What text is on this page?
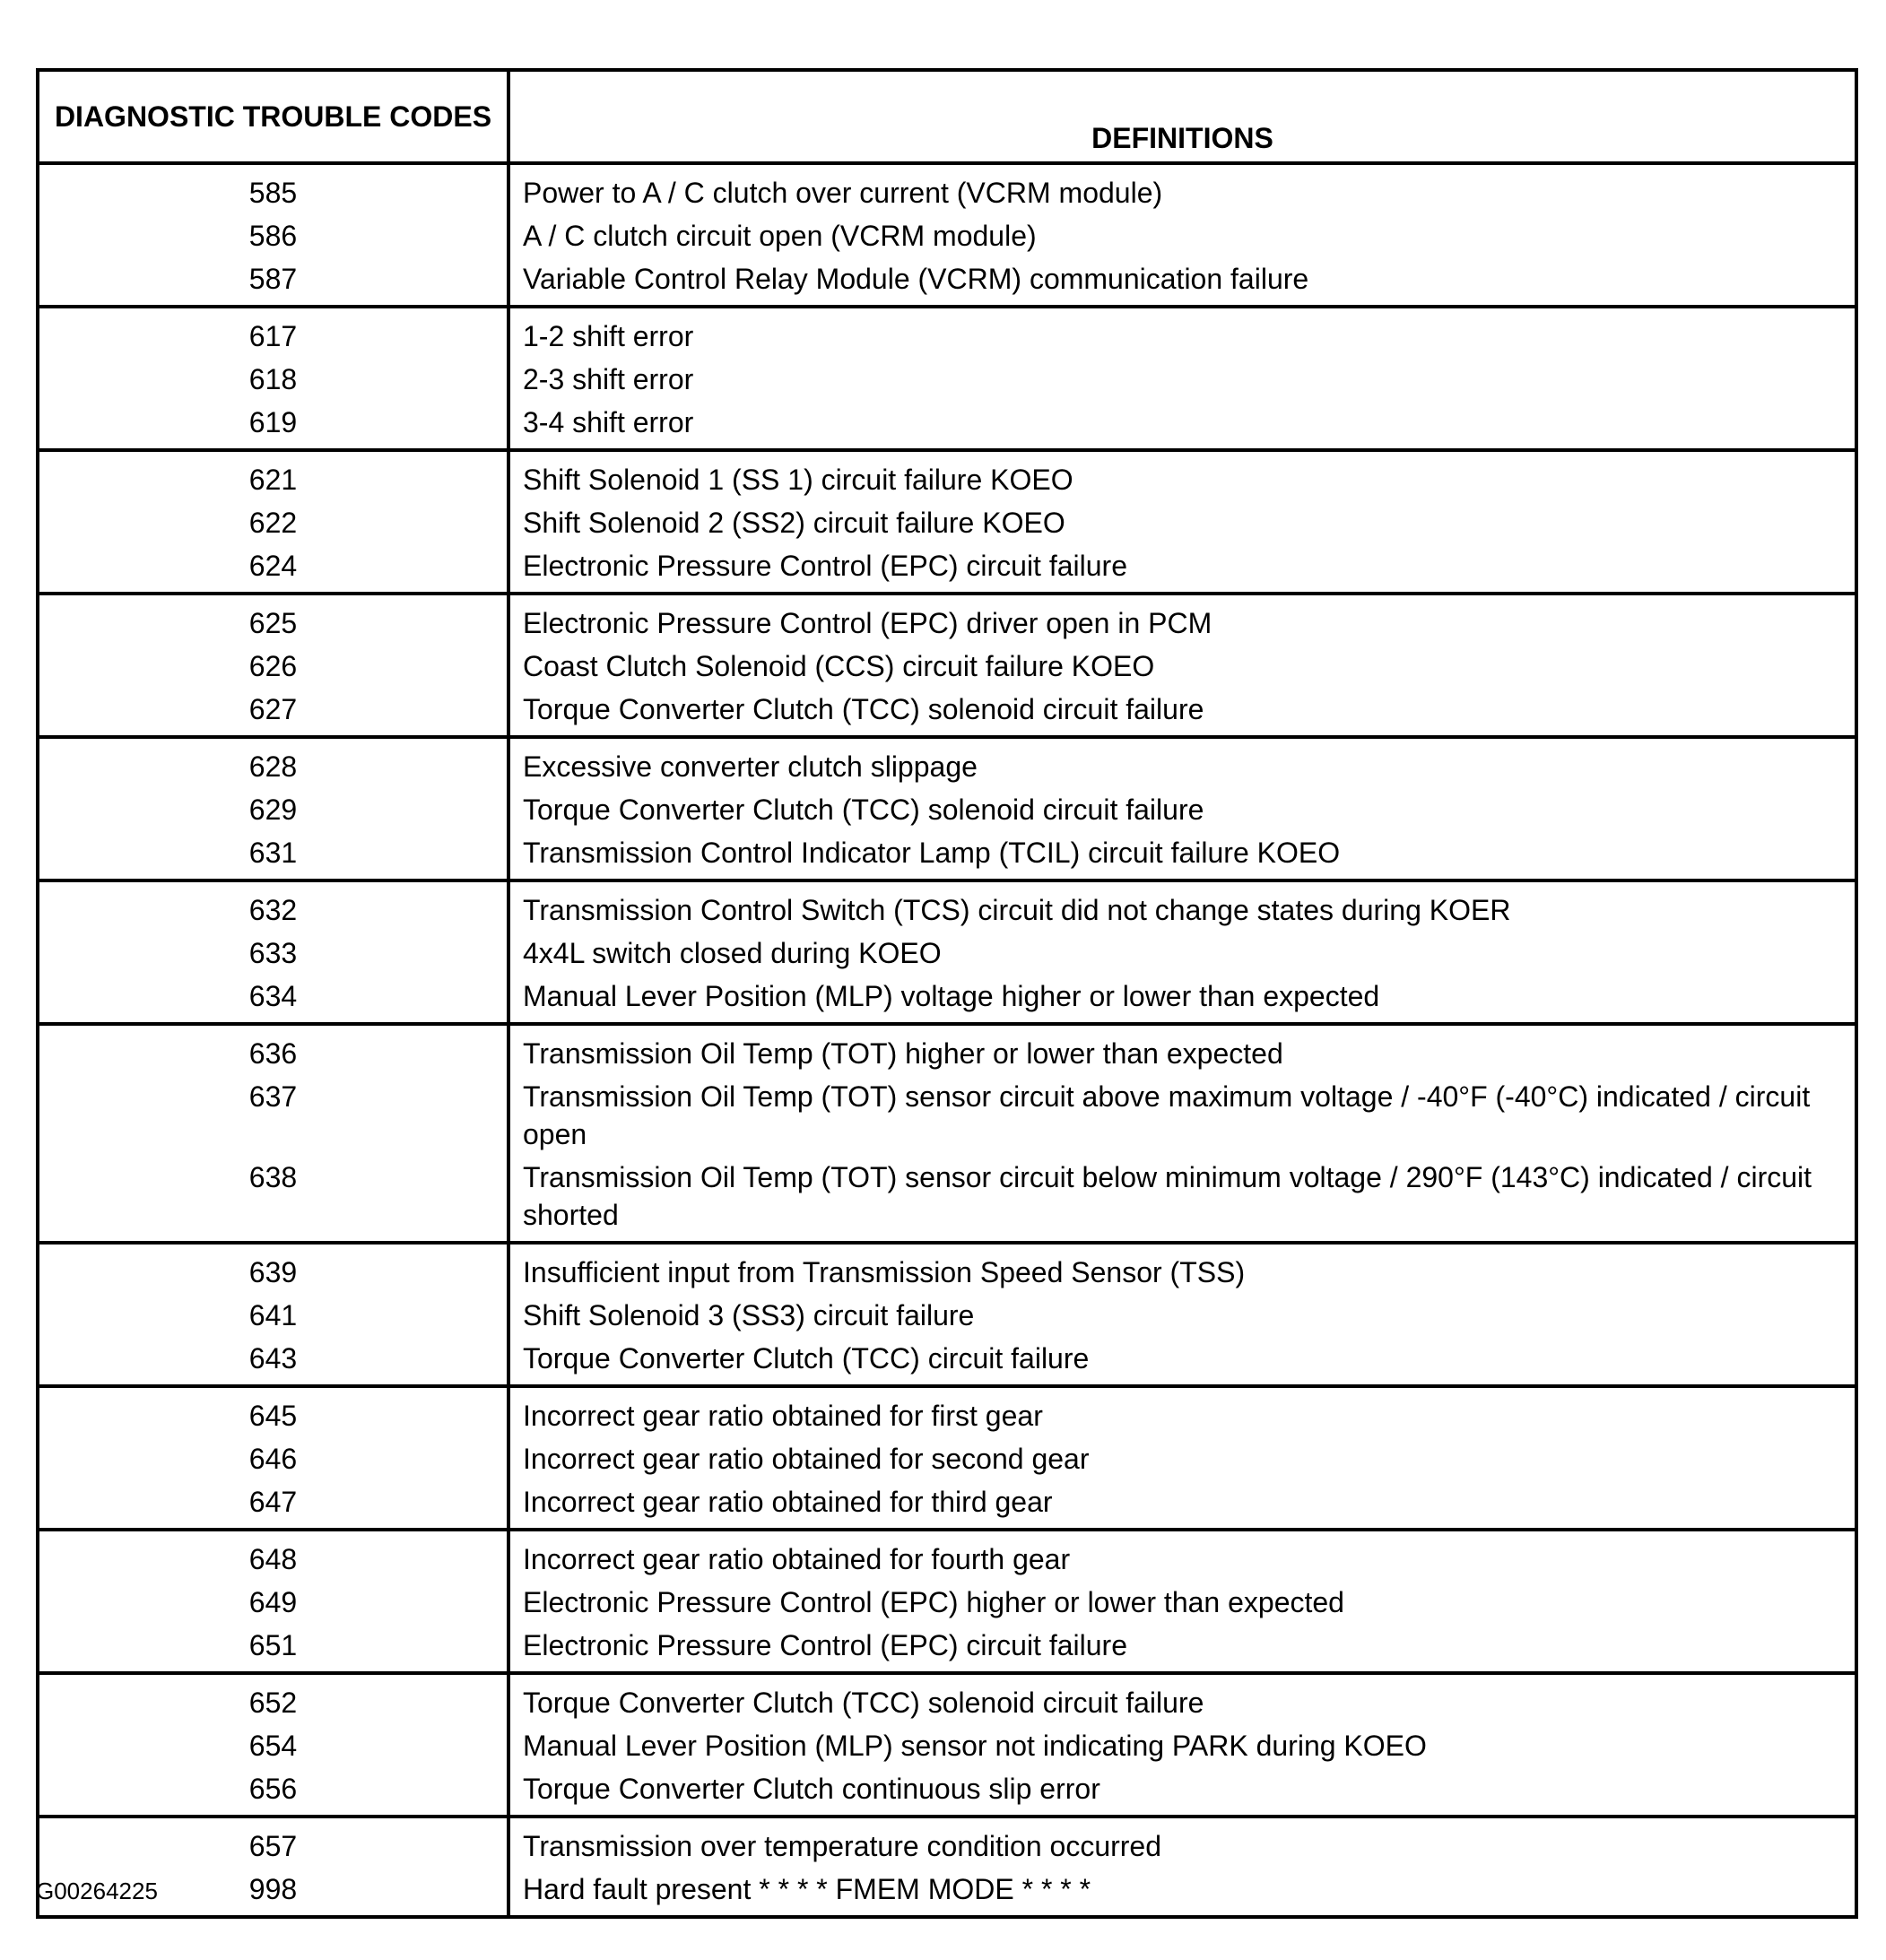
DIAGNOSTIC TROUBLE CODES	DEFINITIONS
585	Power to A / C clutch over current (VCRM module)
586	A / C clutch circuit open (VCRM module)
587	Variable Control Relay Module (VCRM) communication failure
617	1-2 shift error
618	2-3 shift error
619	3-4 shift error
621	Shift Solenoid 1 (SS 1) circuit failure KOEO
622	Shift Solenoid 2 (SS2) circuit failure KOEO
624	Electronic Pressure Control (EPC) circuit failure
625	Electronic Pressure Control (EPC) driver open in PCM
626	Coast Clutch Solenoid (CCS) circuit failure KOEO
627	Torque Converter Clutch (TCC) solenoid circuit failure
628	Excessive converter clutch slippage
629	Torque Converter Clutch (TCC) solenoid circuit failure
631	Transmission Control Indicator Lamp (TCIL) circuit failure KOEO
632	Transmission Control Switch (TCS) circuit did not change states during KOER
633	4x4L switch closed during KOEO
634	Manual Lever Position (MLP) voltage higher or lower than expected
636	Transmission Oil Temp (TOT) higher or lower than expected
637	Transmission Oil Temp (TOT) sensor circuit above maximum voltage / -40°F (-40°C) indicated / circuit open
638	Transmission Oil Temp (TOT) sensor circuit below minimum voltage / 290°F (143°C) indicated / circuit shorted
639	Insufficient input from Transmission Speed Sensor (TSS)
641	Shift Solenoid 3 (SS3) circuit failure
643	Torque Converter Clutch (TCC) circuit failure
645	Incorrect gear ratio obtained for first gear
646	Incorrect gear ratio obtained for second gear
647	Incorrect gear ratio obtained for third gear
648	Incorrect gear ratio obtained for fourth gear
649	Electronic Pressure Control (EPC) higher or lower than expected
651	Electronic Pressure Control (EPC) circuit failure
652	Torque Converter Clutch (TCC) solenoid circuit failure
654	Manual Lever Position (MLP) sensor not indicating PARK during KOEO
656	Torque Converter Clutch continuous slip error
657	Transmission over temperature condition occurred
998	Hard fault present * * * * FMEM MODE * * * *
G00264225
